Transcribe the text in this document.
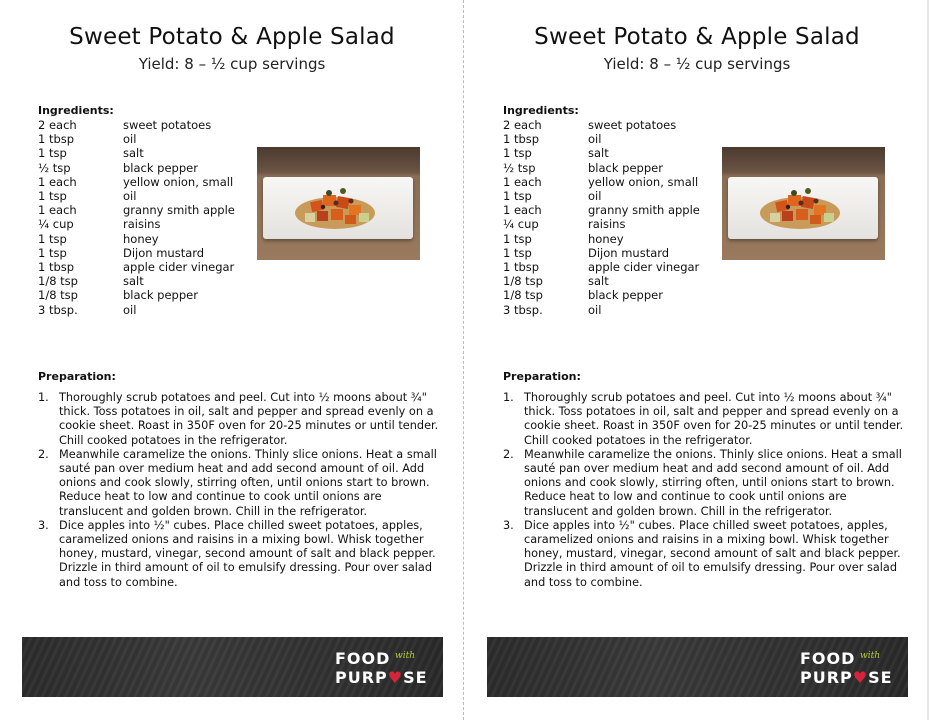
Sweet Potato & Apple Salad
Yield: 8 – ½ cup servings
Ingredients:
2 each	sweet potatoes
1 tbsp	oil
1 tsp	salt
½ tsp	black pepper
1 each	yellow onion, small
1 tsp	oil
1 each	granny smith apple
¼ cup	raisins
1 tsp	honey
1 tsp	Dijon mustard
1 tbsp	apple cider vinegar
1/8 tsp	salt
1/8 tsp	black pepper
3 tbsp.	oil
Preparation:
1. Thoroughly scrub potatoes and peel. Cut into ½ moons about ¾" thick. Toss potatoes in oil, salt and pepper and spread evenly on a cookie sheet. Roast in 350F oven for 20-25 minutes or until tender. Chill cooked potatoes in the refrigerator.
2. Meanwhile caramelize the onions. Thinly slice onions. Heat a small sauté pan over medium heat and add second amount of oil. Add onions and cook slowly, stirring often, until onions start to brown. Reduce heat to low and continue to cook until onions are translucent and golden brown. Chill in the refrigerator.
3. Dice apples into ½" cubes. Place chilled sweet potatoes, apples, caramelized onions and raisins in a mixing bowl. Whisk together honey, mustard, vinegar, second amount of salt and black pepper. Drizzle in third amount of oil to emulsify dressing. Pour over salad and toss to combine.
FOOD with
PURP♥SE
Sweet Potato & Apple Salad
Yield: 8 – ½ cup servings
Ingredients:
2 each	sweet potatoes
1 tbsp	oil
1 tsp	salt
½ tsp	black pepper
1 each	yellow onion, small
1 tsp	oil
1 each	granny smith apple
¼ cup	raisins
1 tsp	honey
1 tsp	Dijon mustard
1 tbsp	apple cider vinegar
1/8 tsp	salt
1/8 tsp	black pepper
3 tbsp.	oil
Preparation:
1. Thoroughly scrub potatoes and peel. Cut into ½ moons about ¾" thick. Toss potatoes in oil, salt and pepper and spread evenly on a cookie sheet. Roast in 350F oven for 20-25 minutes or until tender. Chill cooked potatoes in the refrigerator.
2. Meanwhile caramelize the onions. Thinly slice onions. Heat a small sauté pan over medium heat and add second amount of oil. Add onions and cook slowly, stirring often, until onions start to brown. Reduce heat to low and continue to cook until onions are translucent and golden brown. Chill in the refrigerator.
3. Dice apples into ½" cubes. Place chilled sweet potatoes, apples, caramelized onions and raisins in a mixing bowl. Whisk together honey, mustard, vinegar, second amount of salt and black pepper. Drizzle in third amount of oil to emulsify dressing. Pour over salad and toss to combine.
FOOD with
PURP♥SE
